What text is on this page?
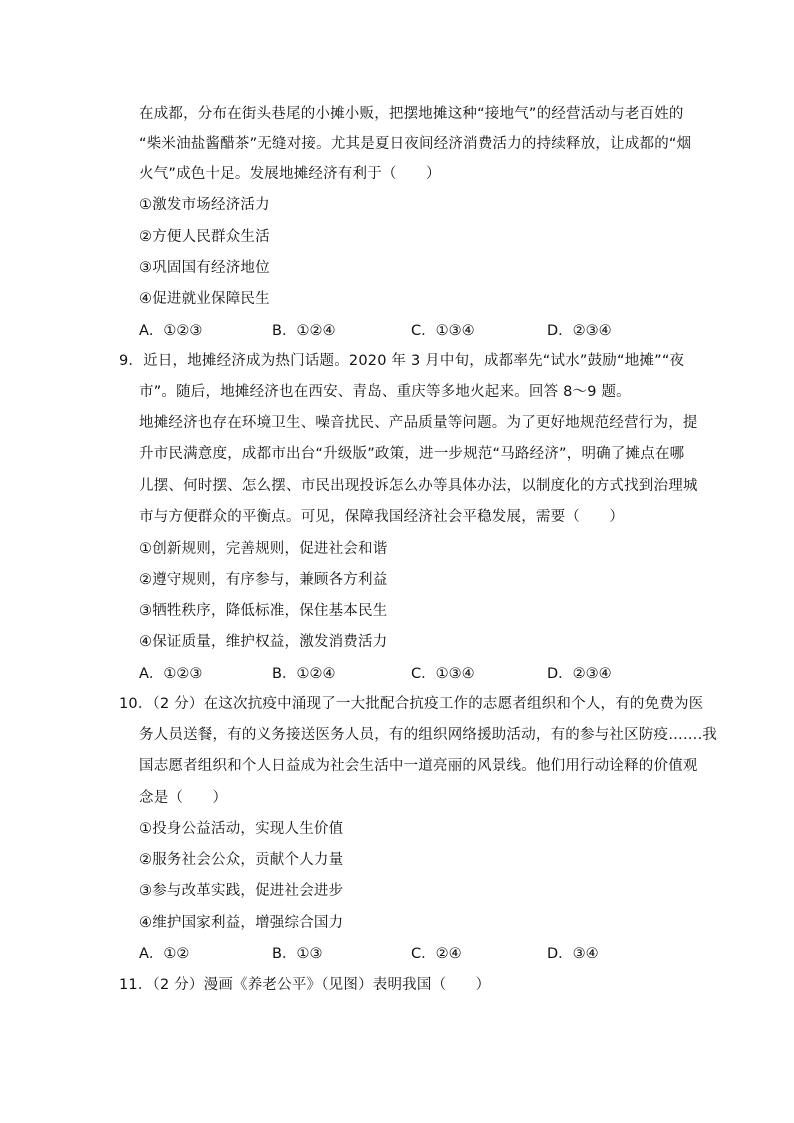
在成都，分布在街头巷尾的小摊小贩，把摆地摊这种“接地气”的经营活动与老百姓的
“柴米油盐酱醋茶”无缝对接。尤其是夏日夜间经济消费活力的持续释放，让成都的“烟
火气”成色十足。发展地摊经济有利于（　　）
①激发市场经济活力
②方便人民群众生活
③巩固国有经济地位
④促进就业保障民生
A．①②③	B．①②④	C．①③④	D．②③④
9．近日，地摊经济成为热门话题。2020 年 3 月中旬，成都率先“试水”鼓励“地摊”“夜
市”。随后，地摊经济也在西安、青岛、重庆等多地火起来。回答 8～9 题。
地摊经济也存在环境卫生、噪音扰民、产品质量等问题。为了更好地规范经营行为，提
升市民满意度，成都市出台“升级版”政策，进一步规范“马路经济”，明确了摊点在哪
儿摆、何时摆、怎么摆、市民出现投诉怎么办等具体办法，以制度化的方式找到治理城
市与方便群众的平衡点。可见，保障我国经济社会平稳发展，需要（　　）
①创新规则，完善规则，促进社会和谐
②遵守规则，有序参与，兼顾各方利益
③牺牲秩序，降低标准，保住基本民生
④保证质量，维护权益，激发消费活力
A．①②③	B．①②④	C．①③④	D．②③④
10．（2 分）在这次抗疫中涌现了一大批配合抗疫工作的志愿者组织和个人，有的免费为医
务人员送餐，有的义务接送医务人员，有的组织网络援助活动，有的参与社区防疫…….我
国志愿者组织和个人日益成为社会生活中一道亮丽的风景线。他们用行动诠释的价值观
念是（　　）
①投身公益活动，实现人生价值
②服务社会公众，贡献个人力量
③参与改革实践，促进社会进步
④维护国家利益，增强综合国力
A．①②	B．①③	C．②④	D．③④
11．（2 分）漫画《养老公平》（见图）表明我国（　　）
